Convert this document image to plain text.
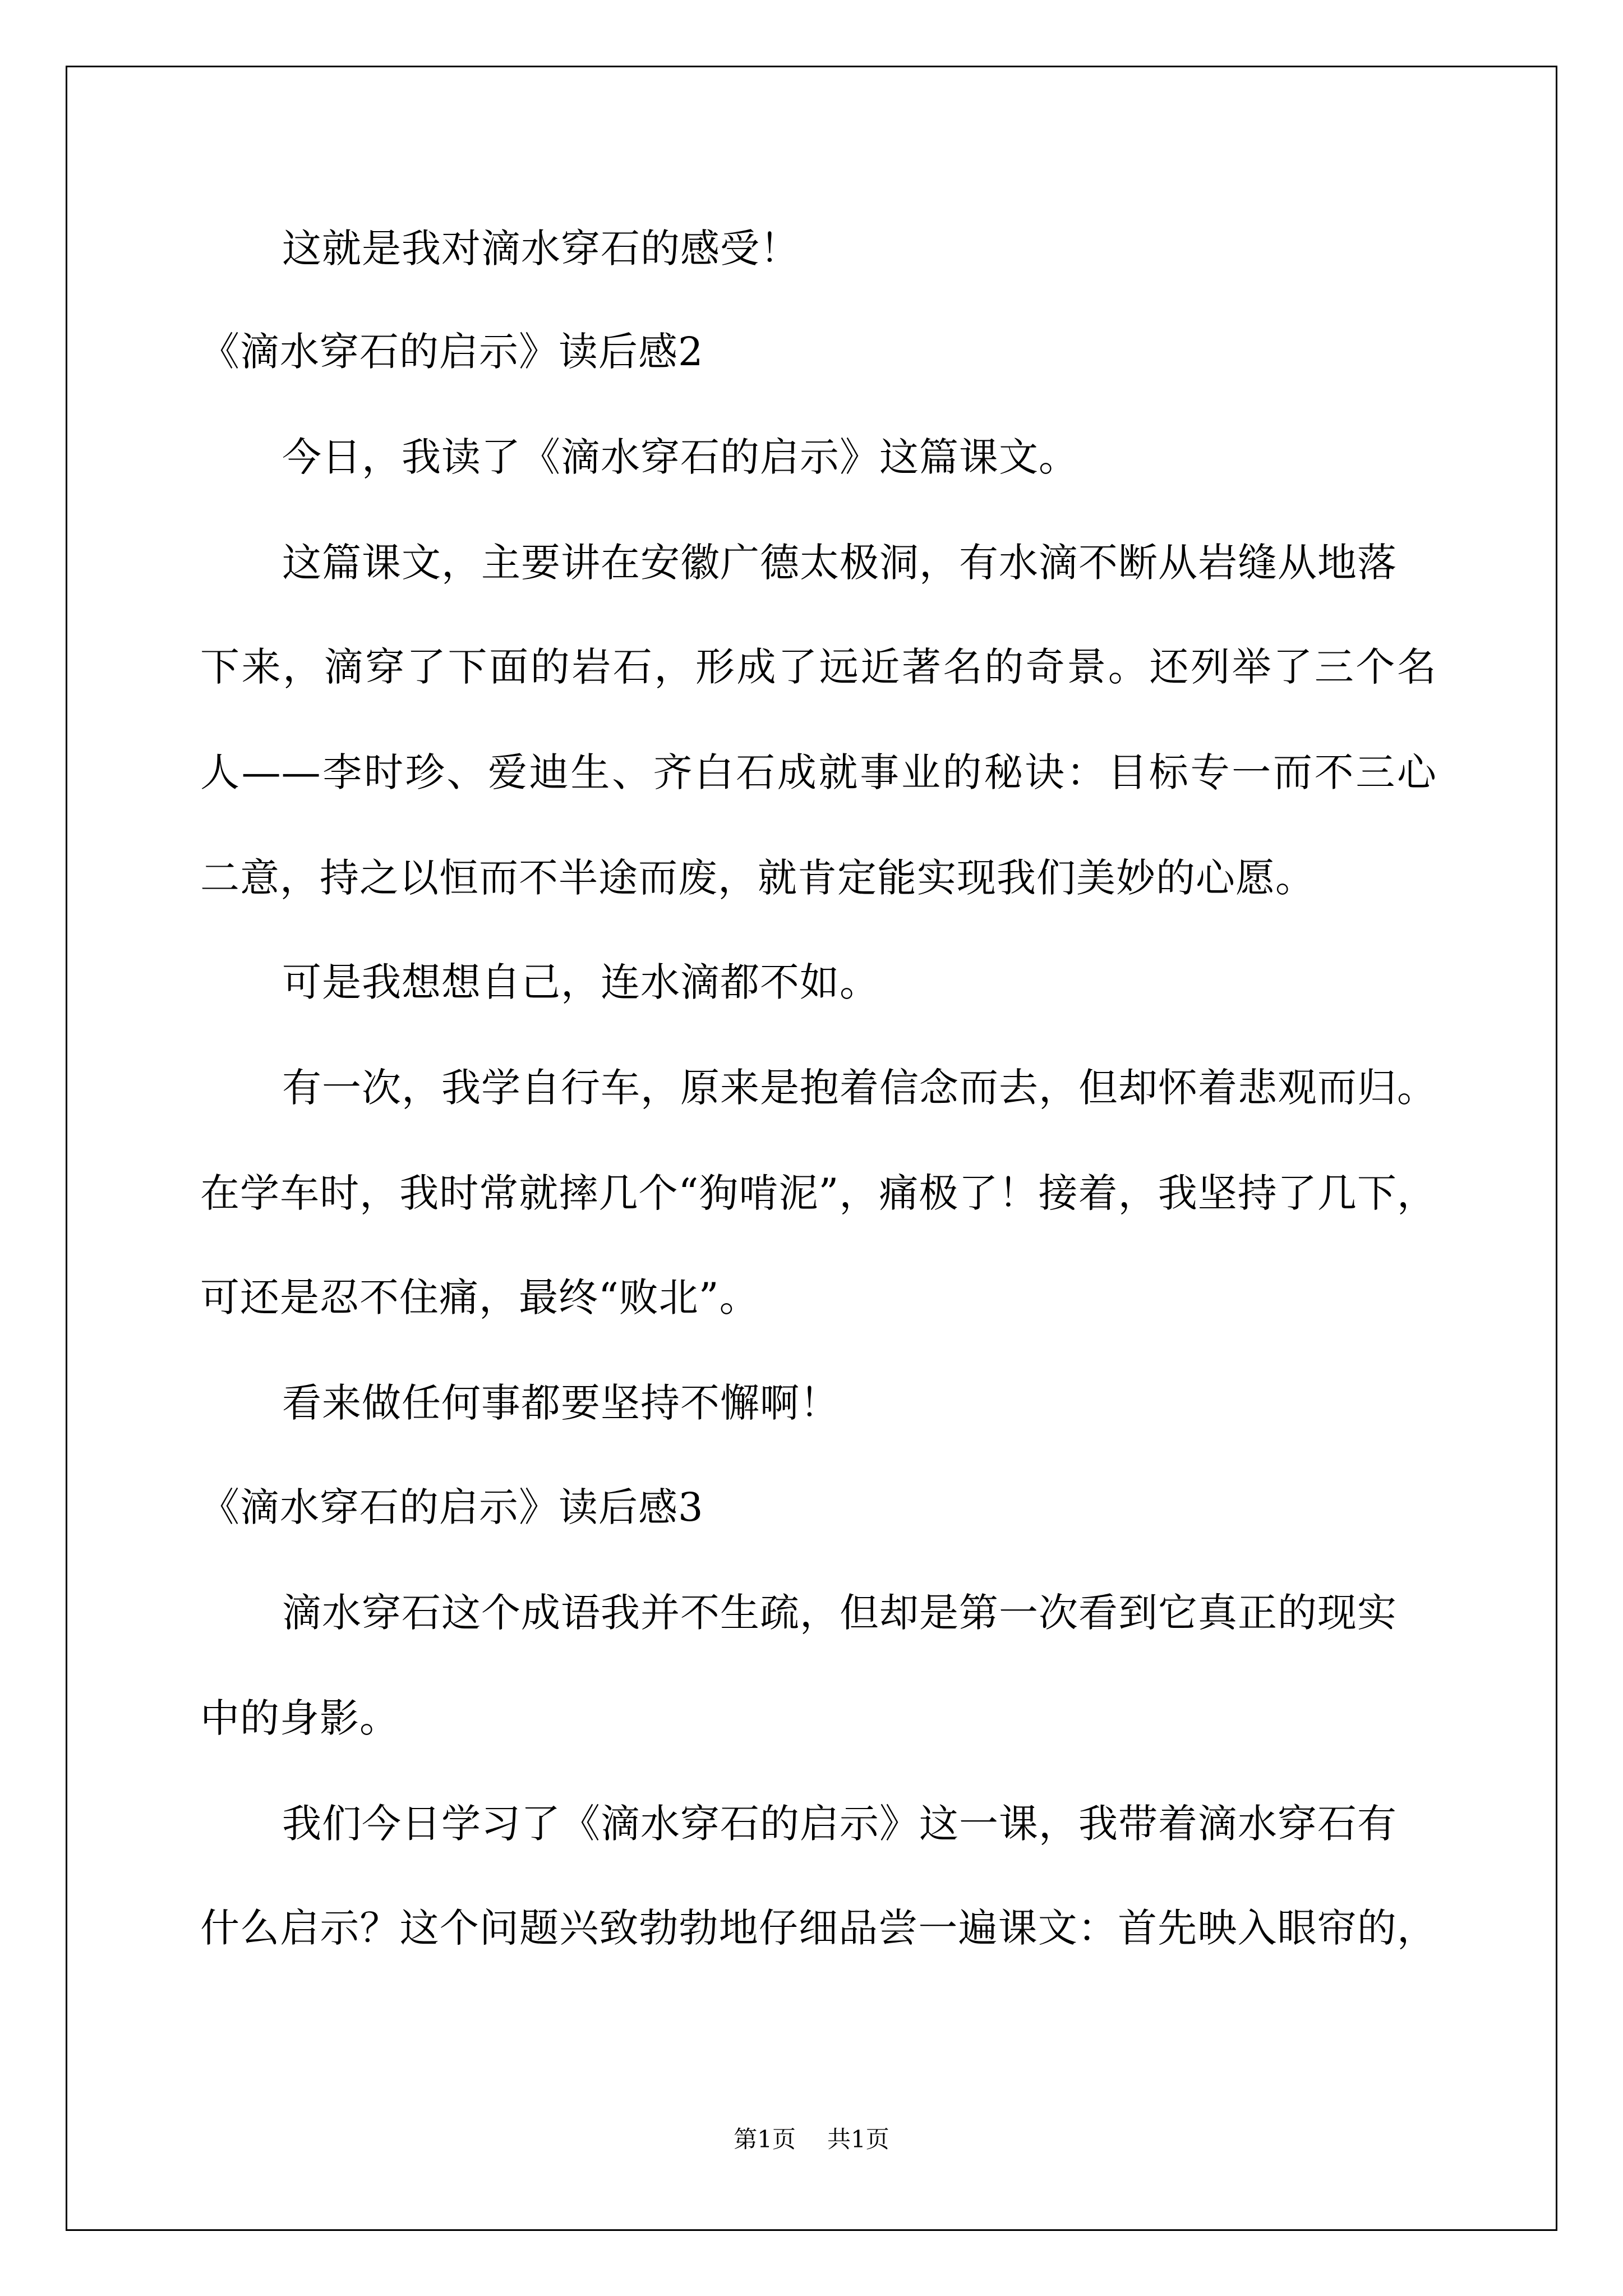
这就是我对滴水穿石的感受！
《滴水穿石的启示》读后感2
今日，我读了《滴水穿石的启示》这篇课文。
这篇课文，主要讲在安徽广德太极洞，有水滴不断从岩缝从地落
下来，滴穿了下面的岩石，形成了远近著名的奇景。还列举了三个名
人——李时珍、爱迪生、齐白石成就事业的秘诀：目标专一而不三心
二意，持之以恒而不半途而废，就肯定能实现我们美妙的心愿。
可是我想想自己，连水滴都不如。
有一次，我学自行车，原来是抱着信念而去，但却怀着悲观而归。
在学车时，我时常就摔几个“狗啃泥”，痛极了！接着，我坚持了几下，
可还是忍不住痛，最终“败北”。
看来做任何事都要坚持不懈啊！
《滴水穿石的启示》读后感3
滴水穿石这个成语我并不生疏，但却是第一次看到它真正的现实
中的身影。
我们今日学习了《滴水穿石的启示》这一课，我带着滴水穿石有
什么启示？这个问题兴致勃勃地仔细品尝一遍课文：首先映入眼帘的，
第1页 共1页
